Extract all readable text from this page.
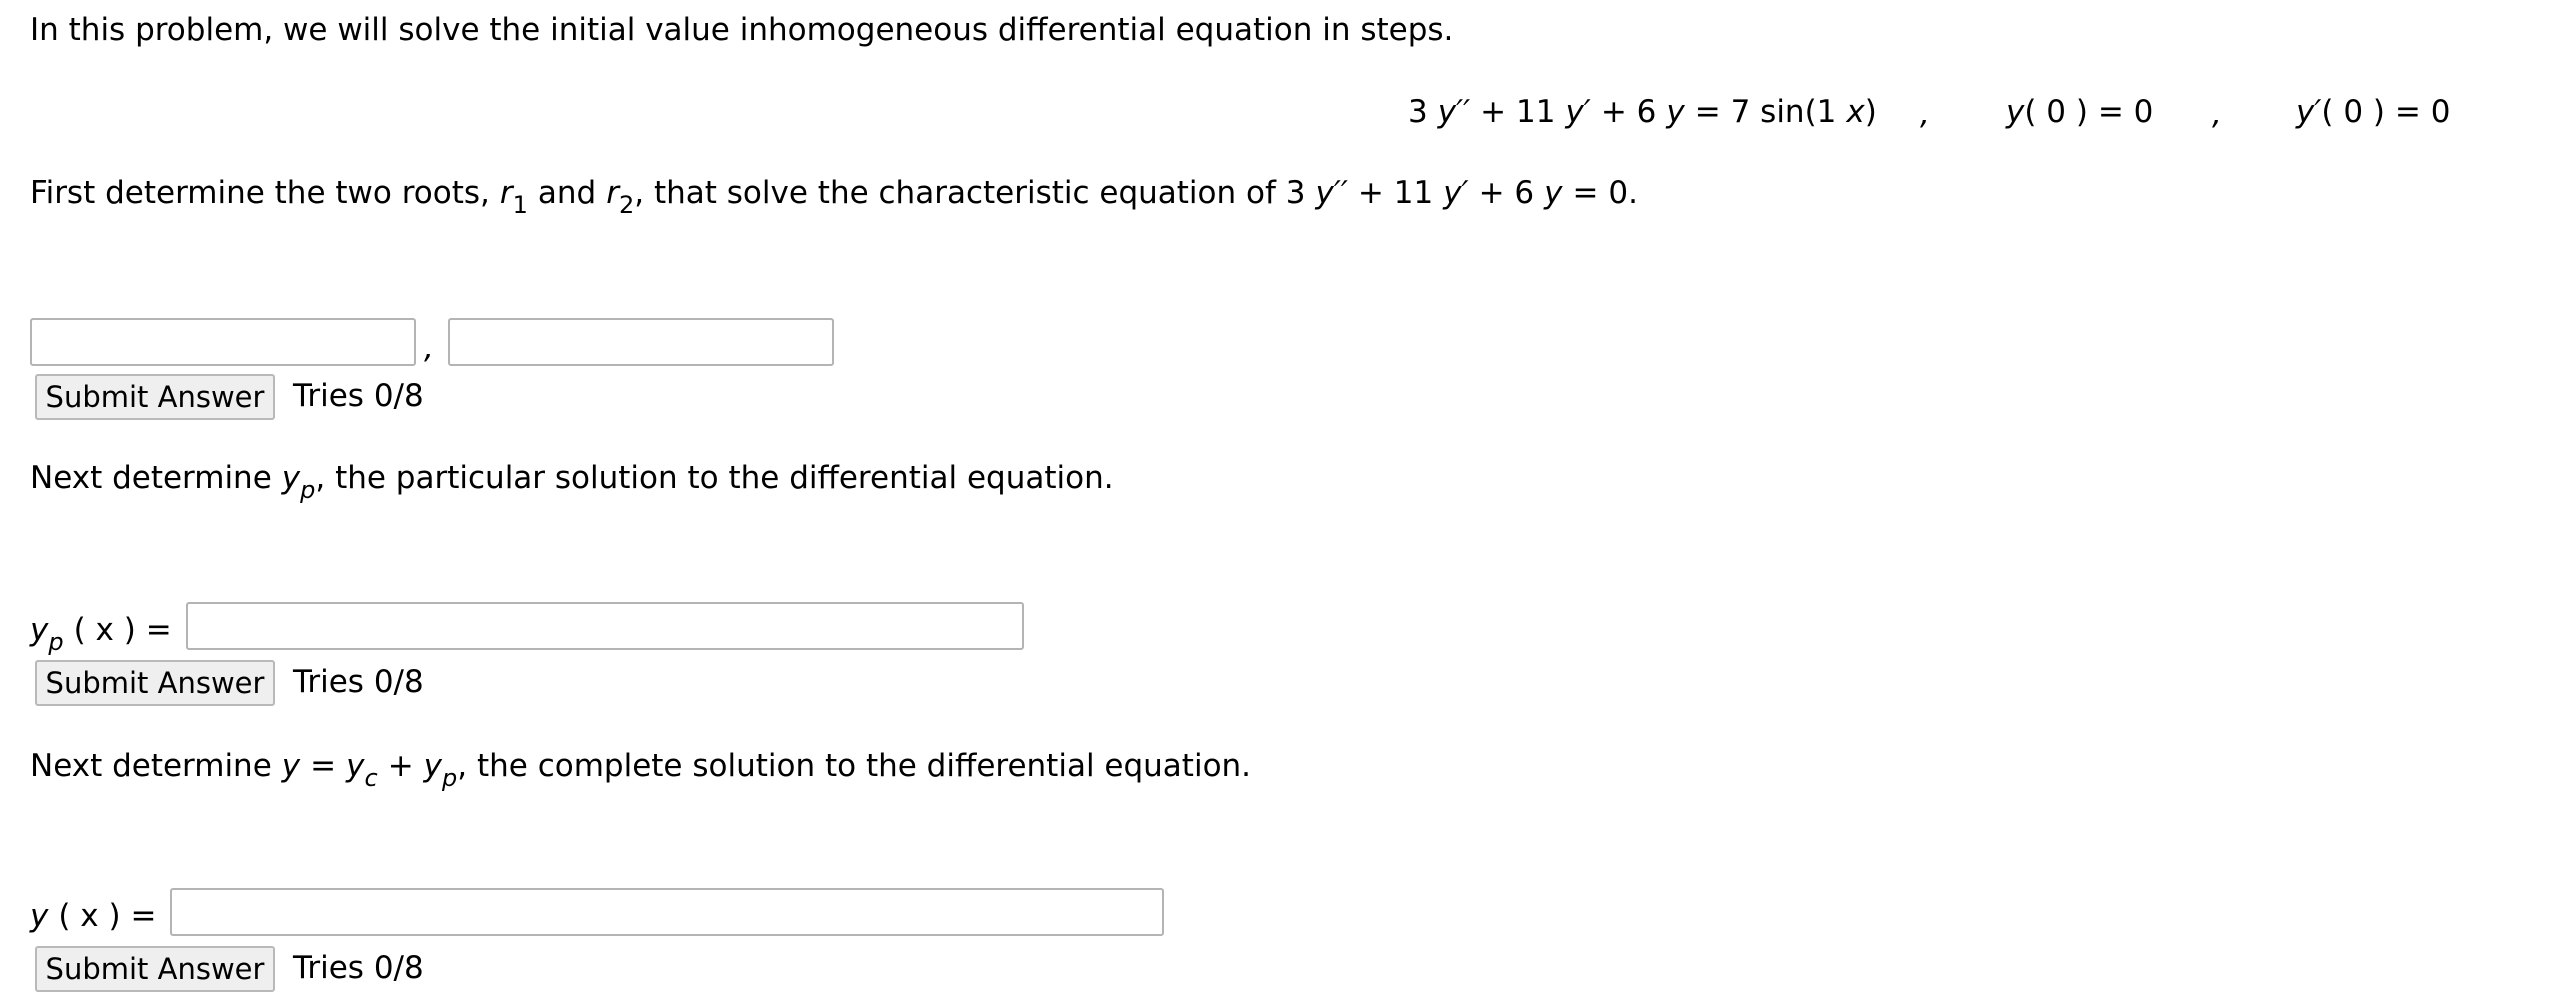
In this problem, we will solve the initial value inhomogeneous differential equation in steps.
3 y′′ + 11 y′ + 6 y = 7 sin(1 x ) , y ( 0 ) = 0 , y′ ( 0 ) = 0
First determine the two roots, r 1 and r 2 , that solve the characteristic equation of 3 y′′ + 11 y′ + 6 y = 0.
,
Submit Answer Tries 0/8
Next determine y p , the particular solution to the differential equation.
y p ( x ) =
Submit Answer Tries 0/8
Next determine y = y c + y p , the complete solution to the differential equation.
y ( x ) =
Submit Answer Tries 0/8
